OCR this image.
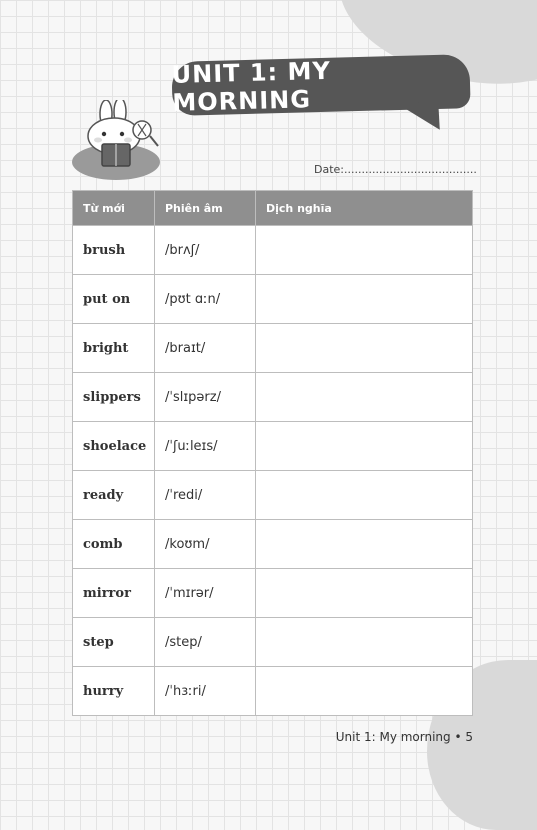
UNIT 1: MY MORNING
Date:......................................
Từ mới	Phiên âm	Dịch nghĩa
brush	/brʌʃ/	
put on	/pʊt ɑːn/	
bright	/braɪt/	
slippers	/ˈslɪpərz/	
shoelace	/ˈʃuːleɪs/	
ready	/ˈredi/	
comb	/koʊm/	
mirror	/ˈmɪrər/	
step	/step/	
hurry	/ˈhɜːri/	
Unit 1: My morning • 5
